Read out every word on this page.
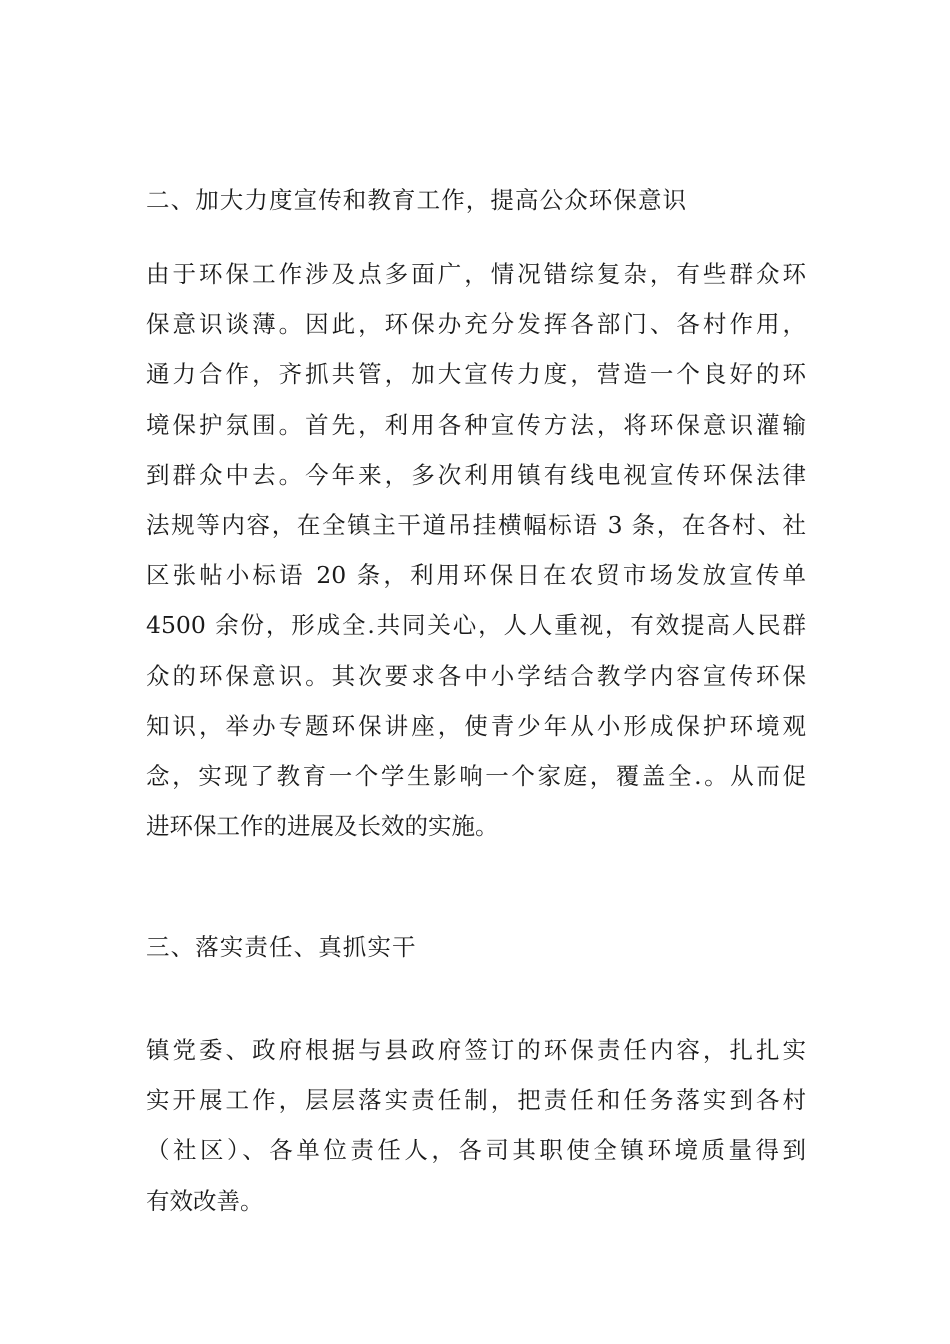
二、加大力度宣传和教育工作，提高公众环保意识
由于环保工作涉及点多面广，情况错综复杂，有些群众环
保意识谈薄。因此，环保办充分发挥各部门、各村作用，
通力合作，齐抓共管，加大宣传力度，营造一个良好的环
境保护氛围。首先，利用各种宣传方法，将环保意识灌输
到群众中去。今年来，多次利用镇有线电视宣传环保法律
法规等内容，在全镇主干道吊挂横幅标语 3 条，在各村、社
区张帖小标语 20 条，利用环保日在农贸市场发放宣传单
4500 余份，形成全.共同关心，人人重视，有效提高人民群
众的环保意识。其次要求各中小学结合教学内容宣传环保
知识，举办专题环保讲座，使青少年从小形成保护环境观
念，实现了教育一个学生影响一个家庭，覆盖全.。从而促
进环保工作的进展及长效的实施。
三、落实责任、真抓实干
镇党委、政府根据与县政府签订的环保责任内容，扎扎实
实开展工作，层层落实责任制，把责任和任务落实到各村
（社区）、各单位责任人，各司其职使全镇环境质量得到
有效改善。
